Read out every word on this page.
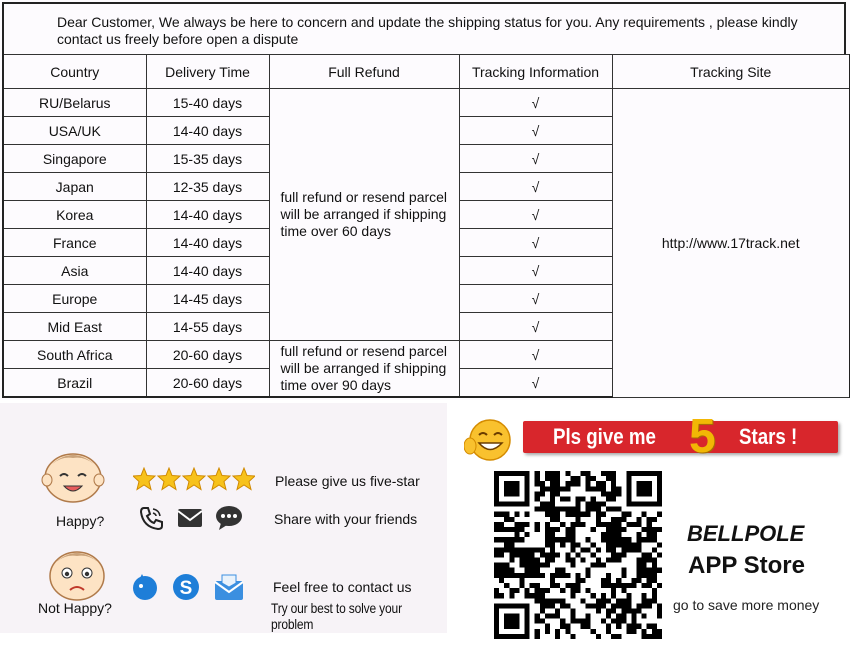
Dear Customer, We always be here to concern and update the shipping status for you. Any requirements , please kindly
contact us freely before open a dispute
Country	Delivery Time	Full Refund	Tracking Information	Tracking Site
RU/Belarus	15-40 days	full refund or resend parcel
will be arranged if shipping
time over 60 days	√	http://www.17track.net
USA/UK	14-40 days		√	
Singapore	15-35 days		√	
Japan	12-35 days		√	
Korea	14-40 days		√	
France	14-40 days		√	
Asia	14-40 days		√	
Europe	14-45 days		√	
Mid East	14-55 days		√	
South Africa	20-60 days	full refund or resend parcel
will be arranged if shipping
time over 90 days	√	
Brazil	20-60 days		√	
Happy?
Please give us five-star
Share with your friends
Not Happy?
S	Feel free to contact us
Try our best to solve your problem
Pls give me	Stars !
5
BELLPOLE
APP Store
go to save more money
